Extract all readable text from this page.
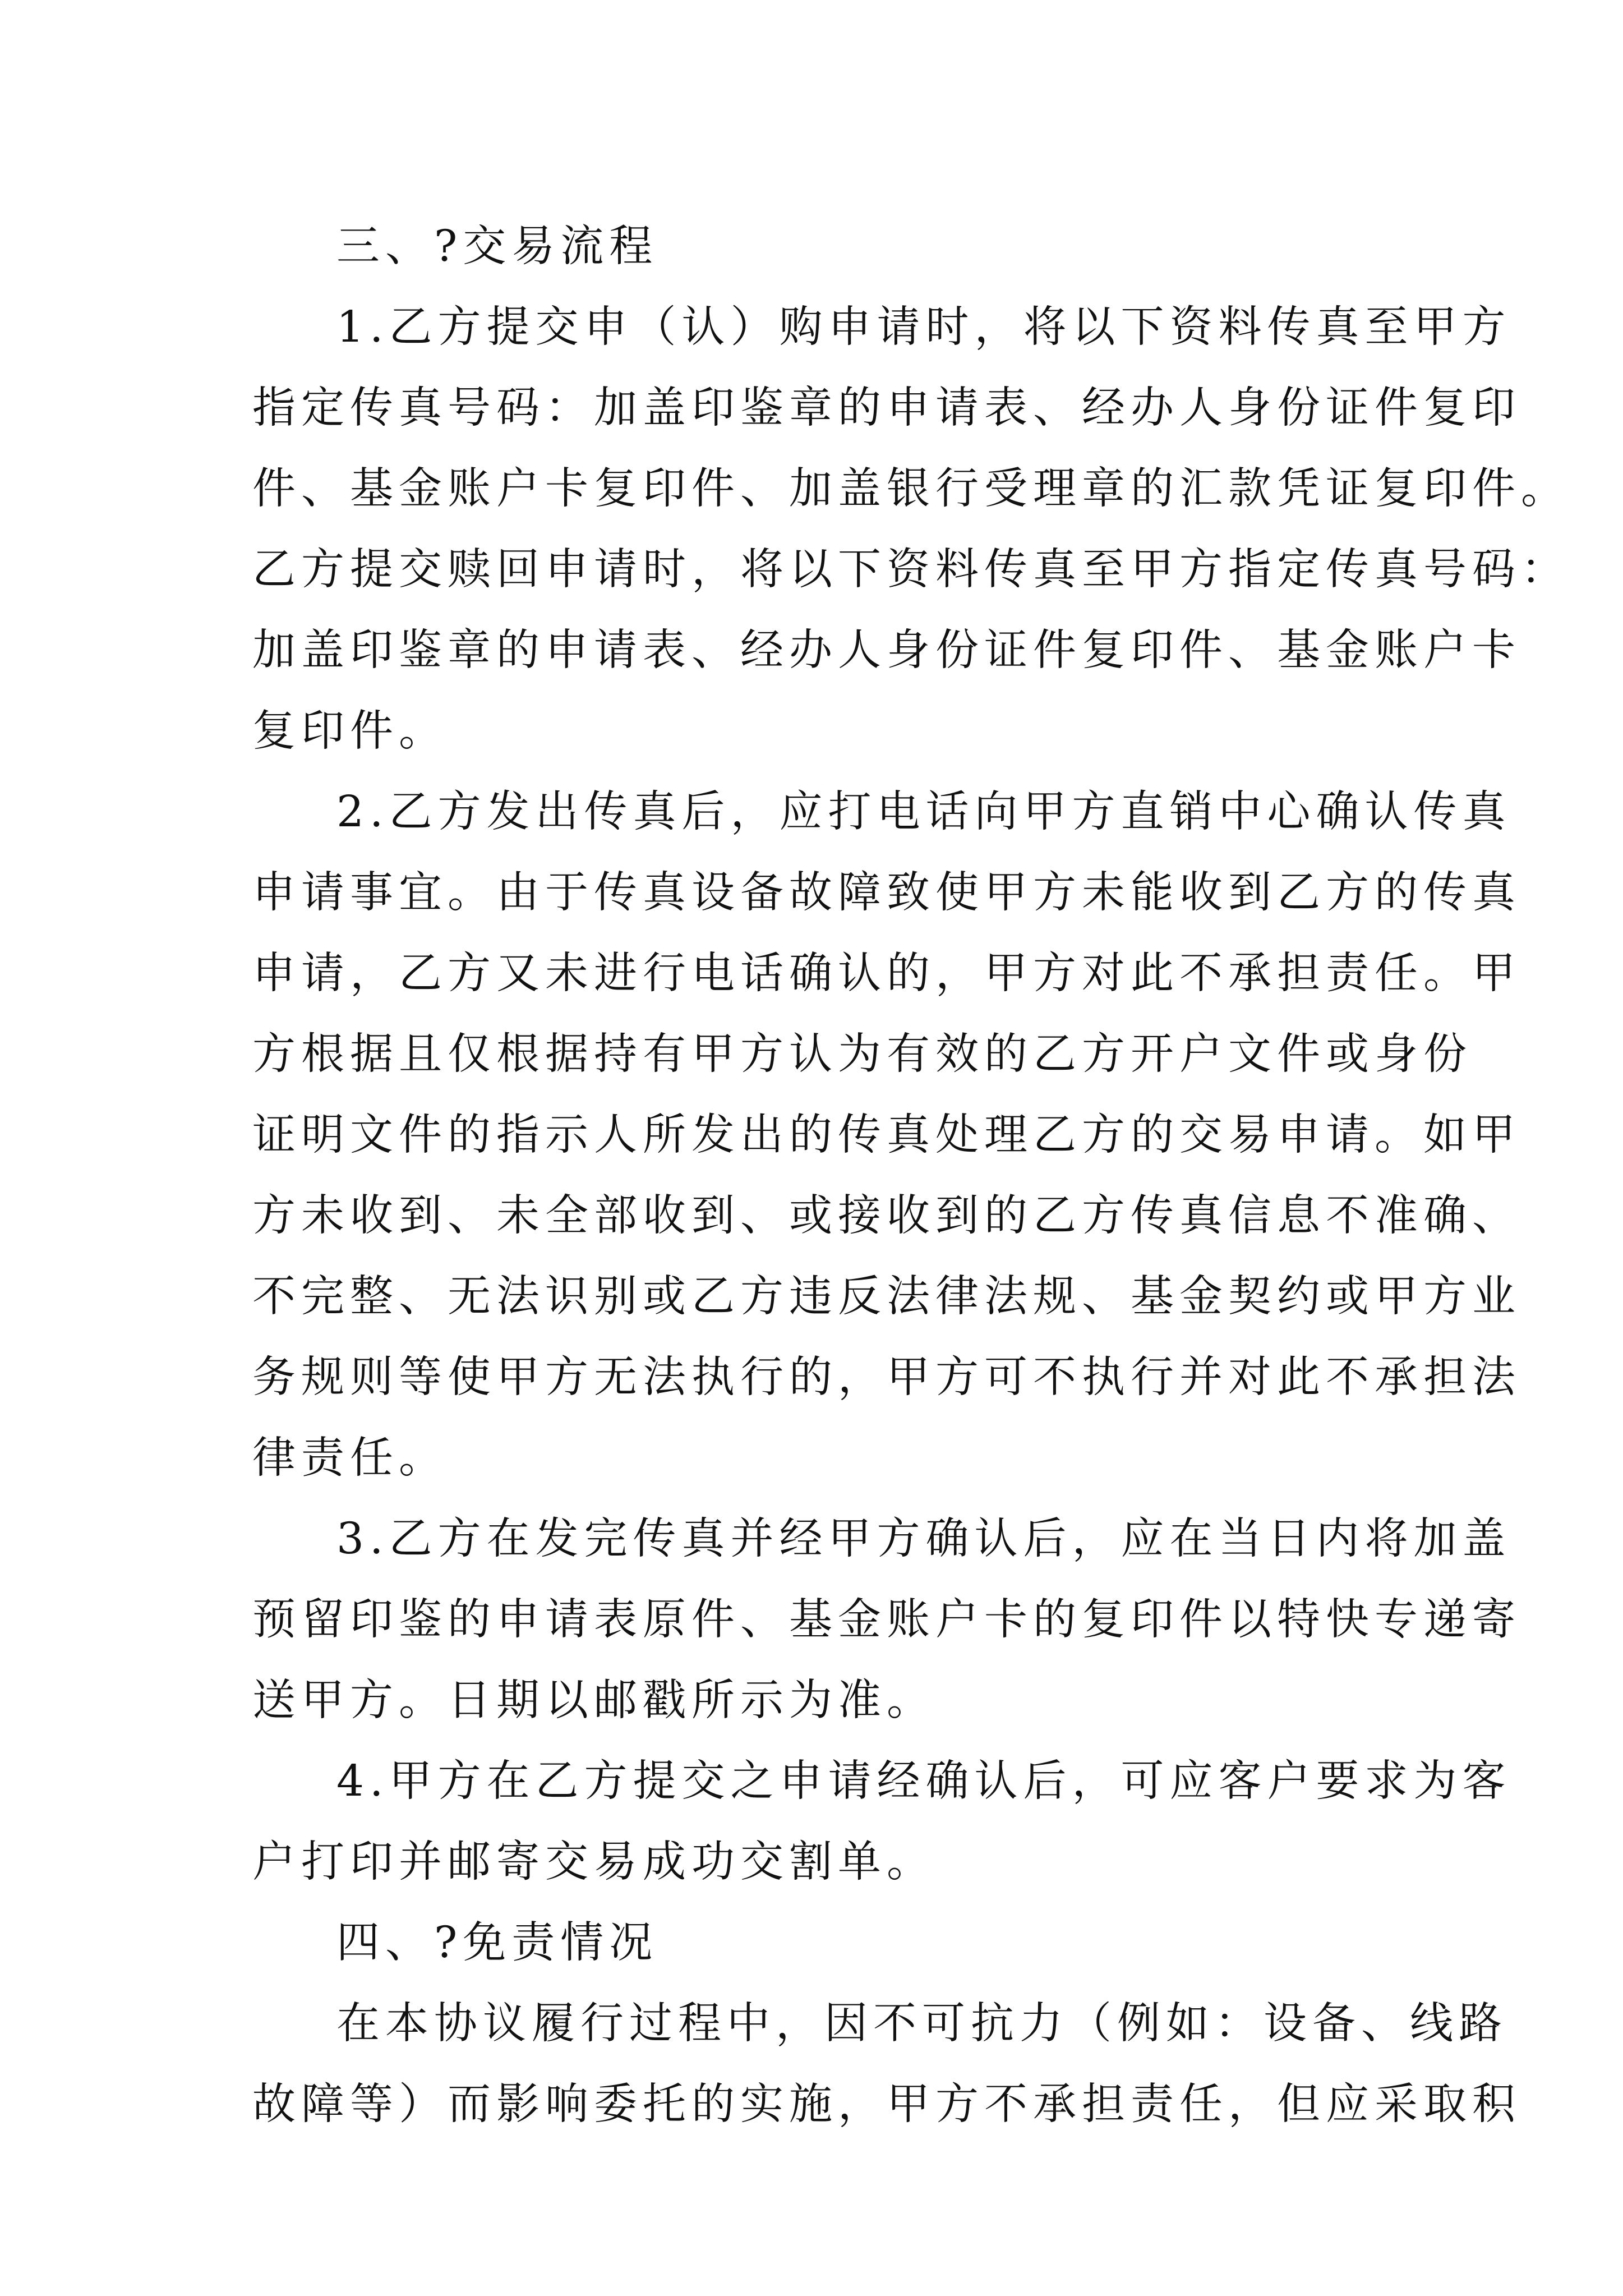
三、?交易流程
1.乙方提交申（认）购申请时，将以下资料传真至甲方
指定传真号码：加盖印鉴章的申请表、经办人身份证件复印
件、基金账户卡复印件、加盖银行受理章的汇款凭证复印件。
乙方提交赎回申请时，将以下资料传真至甲方指定传真号码：
加盖印鉴章的申请表、经办人身份证件复印件、基金账户卡
复印件。
2.乙方发出传真后，应打电话向甲方直销中心确认传真
申请事宜。由于传真设备故障致使甲方未能收到乙方的传真
申请，乙方又未进行电话确认的，甲方对此不承担责任。甲
方根据且仅根据持有甲方认为有效的乙方开户文件或身份
证明文件的指示人所发出的传真处理乙方的交易申请。如甲
方未收到、未全部收到、或接收到的乙方传真信息不准确、
不完整、无法识别或乙方违反法律法规、基金契约或甲方业
务规则等使甲方无法执行的，甲方可不执行并对此不承担法
律责任。
3.乙方在发完传真并经甲方确认后，应在当日内将加盖
预留印鉴的申请表原件、基金账户卡的复印件以特快专递寄
送甲方。日期以邮戳所示为准。
4.甲方在乙方提交之申请经确认后，可应客户要求为客
户打印并邮寄交易成功交割单。
四、?免责情况
在本协议履行过程中，因不可抗力（例如：设备、线路
故障等）而影响委托的实施，甲方不承担责任，但应采取积
